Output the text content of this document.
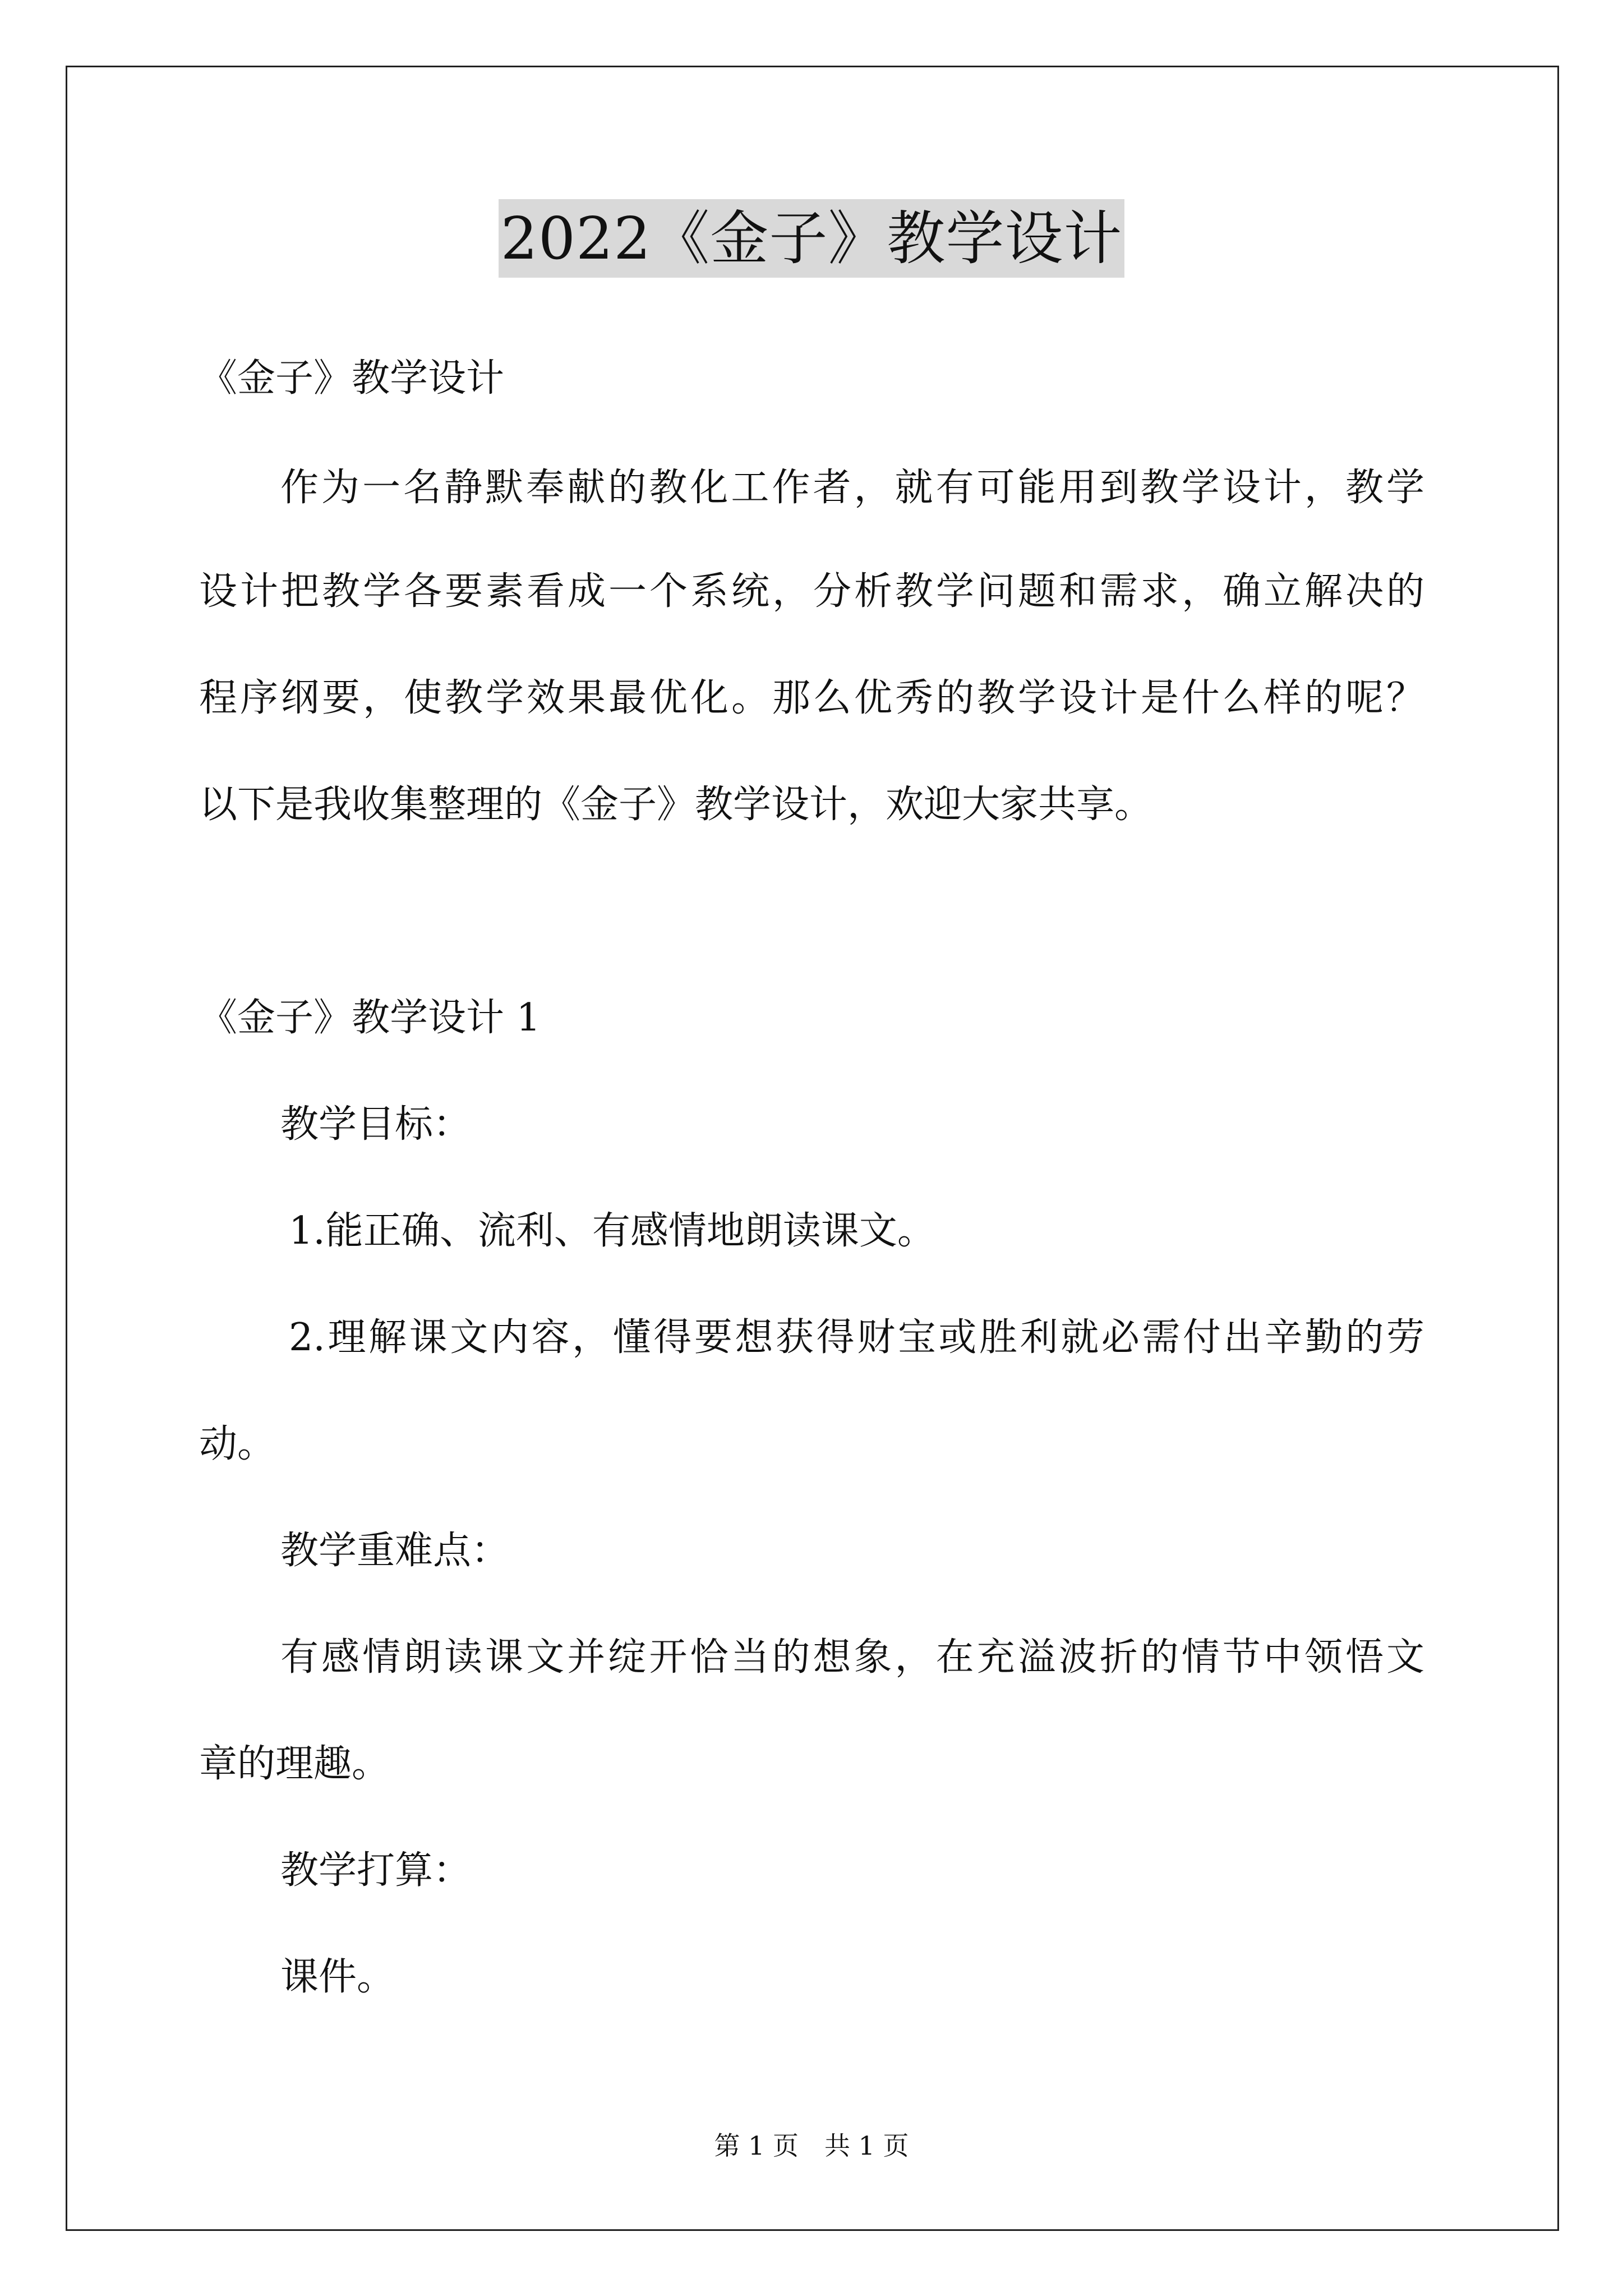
2022《金子》教学设计
《金子》教学设计
作为一名静默奉献的教化工作者，就有可能用到教学设计，教学
设计把教学各要素看成一个系统，分析教学问题和需求，确立解决的
程序纲要，使教学效果最优化。那么优秀的教学设计是什么样的呢？
以下是我收集整理的《金子》教学设计，欢迎大家共享。
《金子》教学设计 1
教学目标：
1.能正确、流利、有感情地朗读课文。
2.理解课文内容，懂得要想获得财宝或胜利就必需付出辛勤的劳
动。
教学重难点：
有感情朗读课文并绽开恰当的想象，在充溢波折的情节中领悟文
章的理趣。
教学打算：
课件。
第 1 页　共 1 页
